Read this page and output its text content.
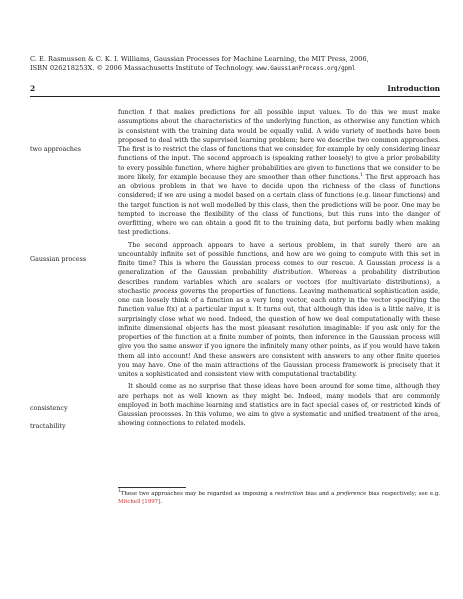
C. E. Rasmussen & C. K. I. Williams, Gaussian Processes for Machine Learning, the MIT Press, 2006,
ISBN 026218253X. © 2006 Massachusetts Institute of Technology. www.GaussianProcess.org/gpml
2	Introduction
two approaches
Gaussian process
consistency
tractability

function f that makes predictions for all possible input values. To do this we must make assumptions about the characteristics of the underlying function, as otherwise any function which is consistent with the training data would be equally valid. A wide variety of methods have been proposed to deal with the supervised learning problem; here we describe two common approaches. The first is to restrict the class of functions that we consider, for example by only considering linear functions of the input. The second approach is (speaking rather loosely) to give a prior probability to every possible function, where higher probabilities are given to functions that we consider to be more likely, for example because they are smoother than other functions.$^1$ The first approach has an obvious problem in that we have to decide upon the richness of the class of functions considered; if we are using a model based on a certain class of functions (e.g. linear functions) and the target function is not well modelled by this class, then the predictions will be poor. One may be tempted to increase the flexibility of the class of functions, but this runs into the danger of overfitting, where we can obtain a good fit to the training data, but perform badly when making test predictions.

The second approach appears to have a serious problem, in that surely there are an uncountably infinite set of possible functions, and how are we going to compute with this set in finite time? This is where the Gaussian process comes to our rescue. A Gaussian process is a generalization of the Gaussian probability distribution. Whereas a probability distribution describes random variables which are scalars or vectors (for multivariate distributions), a stochastic process governs the properties of functions. Leaving mathematical sophistication aside, one can loosely think of a function as a very long vector, each entry in the vector specifying the function value f(x) at a particular input x. It turns out, that although this idea is a little naïve, it is surprisingly close what we need. Indeed, the question of how we deal computationally with these infinite dimensional objects has the most pleasant resolution imaginable: if you ask only for the properties of the function at a finite number of points, then inference in the Gaussian process will give you the same answer if you ignore the infinitely many other points, as if you would have taken them all into account! And these answers are consistent with answers to any other finite queries you may have. One of the main attractions of the Gaussian process framework is precisely that it unites a sophisticated and consistent view with computational tractability.

It should come as no surprise that these ideas have been around for some time, although they are perhaps not as well known as they might be. Indeed, many models that are commonly employed in both machine learning and statistics are in fact special cases of, or restricted kinds of Gaussian processes. In this volume, we aim to give a systematic and unified treatment of the area, showing connections to related models.

$^1$These two approaches may be regarded as imposing a restriction bias and a preference bias respectively; see e.g. Mitchell [1997].
